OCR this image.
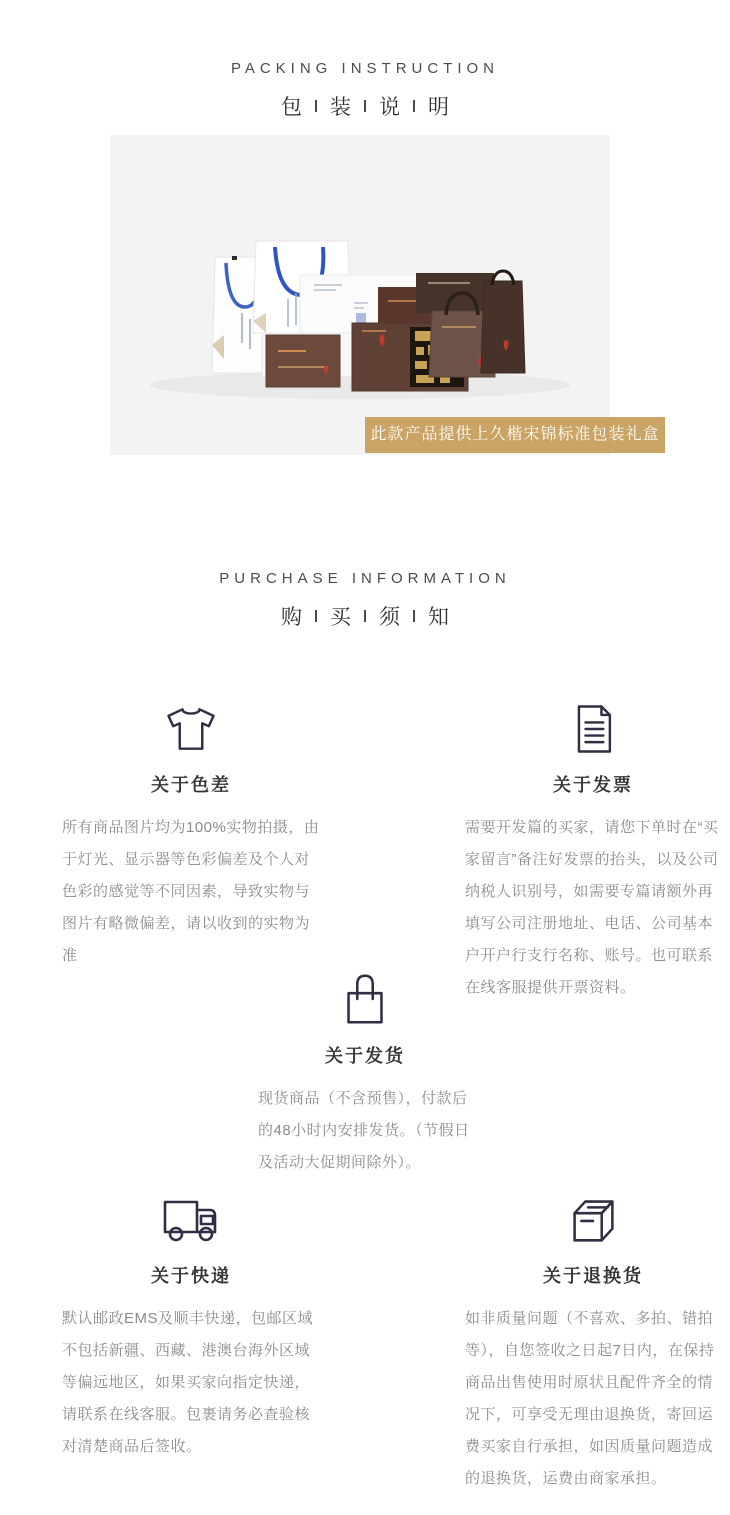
PACKING INSTRUCTION
包 装 说 明
此款产品提供上久楷宋锦标准包装礼盒
PURCHASE INFORMATION
购 买 须 知
关于色差

所有商品图片均为100%实物拍摄，由于灯光、显示器等色彩偏差及个人对色彩的感觉等不同因素，导致实物与图片有略微偏差，请以收到的实物为准

关于发票

需要开发篇的买家，请您下单时在“买家留言”备注好发票的抬头，以及公司纳税人识别号，如需要专篇请额外再填写公司注册地址、电话、公司基本户开户行支行名称、账号。也可联系在线客服提供开票资料。

关于发货

现货商品（不含预售），付款后的48小时内安排发货。（节假日及活动大促期间除外）。

关于快递

默认邮政EMS及顺丰快递，包邮区域不包括新疆、西藏、港澳台海外区域等偏远地区，如果买家向指定快递，请联系在线客服。包裹请务必查验核对清楚商品后签收。

关于退换货

如非质量问题（不喜欢、多拍、错拍等），自您签收之日起7日内，在保持商品出售使用时原状且配件齐全的情况下，可享受无理由退换货，寄回运费买家自行承担，如因质量问题造成的退换货，运费由商家承担。
